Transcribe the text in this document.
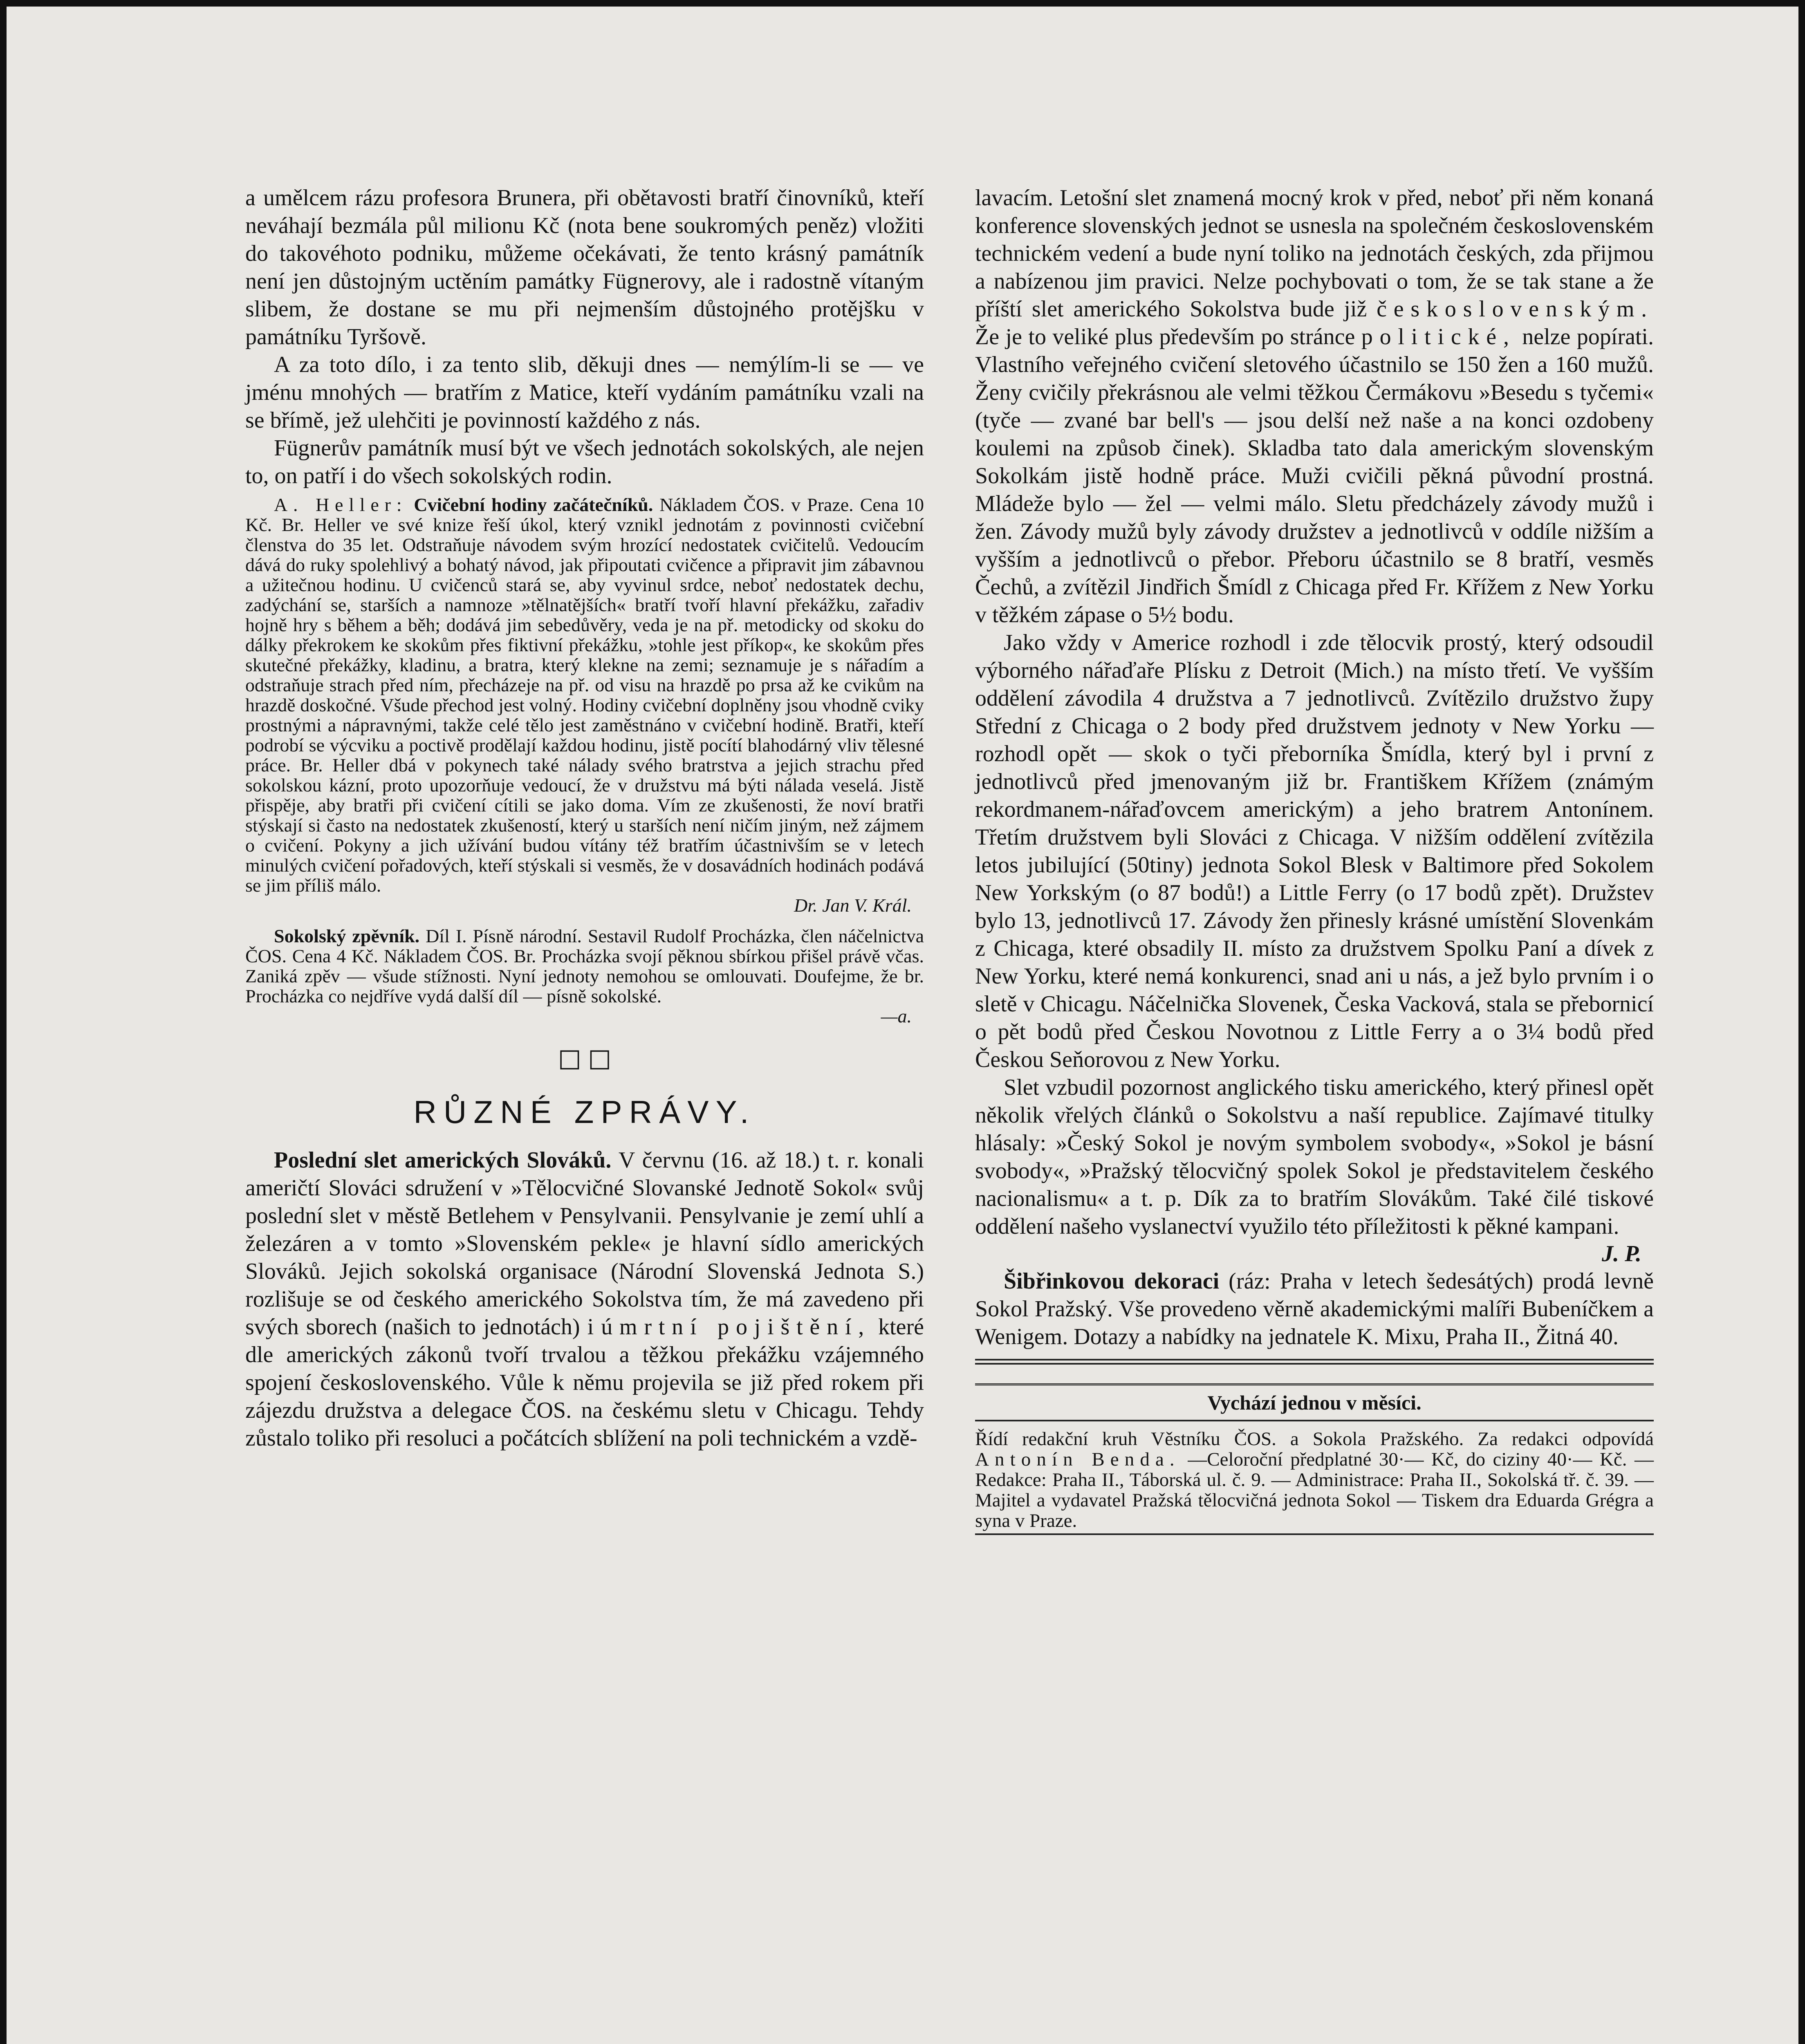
a umělcem rázu profesora Brunera, při obětavosti bratří činovníků, kteří neváhají bezmála půl milionu Kč (nota bene soukromých peněz) vložiti do takovéhoto podniku, můžeme očekávati, že tento krásný památník není jen důstojným uctěním památky Fügnerovy, ale i radostně vítaným slibem, že dostane se mu při nejmenším důstojného protějšku v památníku Tyršově.

A za toto dílo, i za tento slib, děkuji dnes — nemýlím-li se — ve jménu mnohých — bratřím z Matice, kteří vydáním památníku vzali na se břímě, jež ulehčiti je povinností každého z nás.

Fügnerův památník musí být ve všech jednotách sokolských, ale nejen to, on patří i do všech sokolských rodin.

A. Heller: Cvičební hodiny začátečníků. Nákladem ČOS. v Praze. Cena 10 Kč. Br. Heller ve své knize řeší úkol, který vznikl jednotám z povinnosti cvičební členstva do 35 let. Odstraňuje návodem svým hrozící nedostatek cvičitelů. Vedoucím dává do ruky spolehlivý a bohatý návod, jak připoutati cvičence a připravit jim zábavnou a užitečnou hodinu. U cvičenců stará se, aby vyvinul srdce, neboť nedostatek dechu, zadýchání se, starších a namnoze »tělnatějších« bratří tvoří hlavní překážku, zařadiv hojně hry s během a běh; dodává jim sebedůvěry, veda je na př. metodicky od skoku do dálky překrokem ke skokům přes fiktivní překážku, »tohle jest příkop«, ke skokům přes skutečné překážky, kladinu, a bratra, který klekne na zemi; seznamuje je s nářadím a odstraňuje strach před ním, přecházeje na př. od visu na hrazdě po prsa až ke cvikům na hrazdě doskočné. Všude přechod jest volný. Hodiny cvičební doplněny jsou vhodně cviky prostnými a nápravnými, takže celé tělo jest zaměstnáno v cvičební hodině. Bratři, kteří podrobí se výcviku a poctivě prodělají každou hodinu, jistě pocítí blahodárný vliv tělesné práce. Br. Heller dbá v pokynech také nálady svého bratrstva a jejich strachu před sokolskou kázní, proto upozorňuje vedoucí, že v družstvu má býti nálada veselá. Jistě přispěje, aby bratři při cvičení cítili se jako doma. Vím ze zkušenosti, že noví bratři stýskají si často na nedostatek zkušeností, který u starších není ničím jiným, než zájmem o cvičení. Pokyny a jich užívání budou vítány též bratřím účastnivším se v letech minulých cvičení pořadových, kteří stýskali si vesměs, že v dosavádních hodinách podává se jim příliš málo.

Dr. Jan V. Král.

Sokolský zpěvník. Díl I. Písně národní. Sestavil Rudolf Procházka, člen náčelnictva ČOS. Cena 4 Kč. Nákladem ČOS. Br. Procházka svojí pěknou sbírkou přišel právě včas. Zaniká zpěv — všude stížnosti. Nyní jednoty nemohou se omlouvati. Doufejme, že br. Procházka co nejdříve vydá další díl — písně sokolské.

—a.
☐ ☐
RŮZNÉ ZPRÁVY.

Poslední slet amerických Slováků. V červnu (16. až 18.) t. r. konali američtí Slováci sdružení v »Tělocvičné Slovanské Jednotě Sokol« svůj poslední slet v městě Betlehem v Pensylvanii. Pensylvanie je zemí uhlí a železáren a v tomto »Slovenském pekle« je hlavní sídlo amerických Slováků. Jejich sokolská organisace (Národní Slovenská Jednota S.) rozlišuje se od českého amerického Sokolstva tím, že má zavedeno při svých sborech (našich to jednotách) i úmrtní pojištění, které dle amerických zákonů tvoří trvalou a těžkou překážku vzájemného spojení československého. Vůle k němu projevila se již před rokem při zájezdu družstva a delegace ČOS. na českému sletu v Chicagu. Tehdy zůstalo toliko při resoluci a počátcích sblížení na poli technickém a vzdě-

lavacím. Letošní slet znamená mocný krok v před, neboť při něm konaná konference slovenských jednot se usnesla na společném československém technickém vedení a bude nyní toliko na jednotách českých, zda přijmou a nabízenou jim pravici. Nelze pochybovati o tom, že se tak stane a že příští slet amerického Sokolstva bude již československým. Že je to veliké plus především po stránce politické, nelze popírati. Vlastního veřejného cvičení sletového účastnilo se 150 žen a 160 mužů. Ženy cvičily překrásnou ale velmi těžkou Čermákovu »Besedu s tyčemi« (tyče — zvané bar bell's — jsou delší než naše a na konci ozdobeny koulemi na způsob činek). Skladba tato dala americkým slovenským Sokolkám jistě hodně práce. Muži cvičili pěkná původní prostná. Mládeže bylo — žel — velmi málo. Sletu předcházely závody mužů i žen. Závody mužů byly závody družstev a jednotlivců v oddíle nižším a vyšším a jednotlivců o přebor. Přeboru účastnilo se 8 bratří, vesměs Čechů, a zvítězil Jindřich Šmídl z Chicaga před Fr. Křížem z New Yorku v těžkém zápase o 5½ bodu.

Jako vždy v Americe rozhodl i zde tělocvik prostý, který odsoudil výborného nářaďaře Plísku z Detroit (Mich.) na místo třetí. Ve vyšším oddělení závodila 4 družstva a 7 jednotlivců. Zvítězilo družstvo župy Střední z Chicaga o 2 body před družstvem jednoty v New Yorku — rozhodl opět — skok o tyči přeborníka Šmídla, který byl i první z jednotlivců před jmenovaným již br. Františkem Křížem (známým rekordmanem-nářaďovcem americkým) a jeho bratrem Antonínem. Třetím družstvem byli Slováci z Chicaga. V nižším oddělení zvítězila letos jubilující (50tiny) jednota Sokol Blesk v Baltimore před Sokolem New Yorkským (o 87 bodů!) a Little Ferry (o 17 bodů zpět). Družstev bylo 13, jednotlivců 17. Závody žen přinesly krásné umístění Slovenkám z Chicaga, které obsadily II. místo za družstvem Spolku Paní a dívek z New Yorku, které nemá konkurenci, snad ani u nás, a jež bylo prvním i o sletě v Chicagu. Náčelnička Slovenek, Česka Vacková, stala se přebornicí o pět bodů před Českou Novotnou z Little Ferry a o 3¼ bodů před Českou Seňorovou z New Yorku.

Slet vzbudil pozornost anglického tisku amerického, který přinesl opět několik vřelých článků o Sokolstvu a naší republice. Zajímavé titulky hlásaly: »Český Sokol je novým symbolem svobody«, »Sokol je básní svobody«, »Pražský tělocvičný spolek Sokol je představitelem českého nacionalismu« a t. p. Dík za to bratřím Slovákům. Také čilé tiskové oddělení našeho vyslanectví využilo této příležitosti k pěkné kampani.

J. P.

Šibřinkovou dekoraci (ráz: Praha v letech šedesátých) prodá levně Sokol Pražský. Vše provedeno věrně akademickými malíři Bubeníčkem a Wenigem. Dotazy a nabídky na jednatele K. Mixu, Praha II., Žitná 40.

Vychází jednou v měsíci.
Řídí redakční kruh Věstníku ČOS. a Sokola Pražského. Za redakci odpovídá Antonín Benda. —Celoroční předplatné 30·— Kč, do ciziny 40·— Kč. — Redakce: Praha II., Táborská ul. č. 9. — Administrace: Praha II., Sokolská tř. č. 39. — Majitel a vydavatel Pražská tělocvičná jednota Sokol — Tiskem dra Eduarda Grégra a syna v Praze.
